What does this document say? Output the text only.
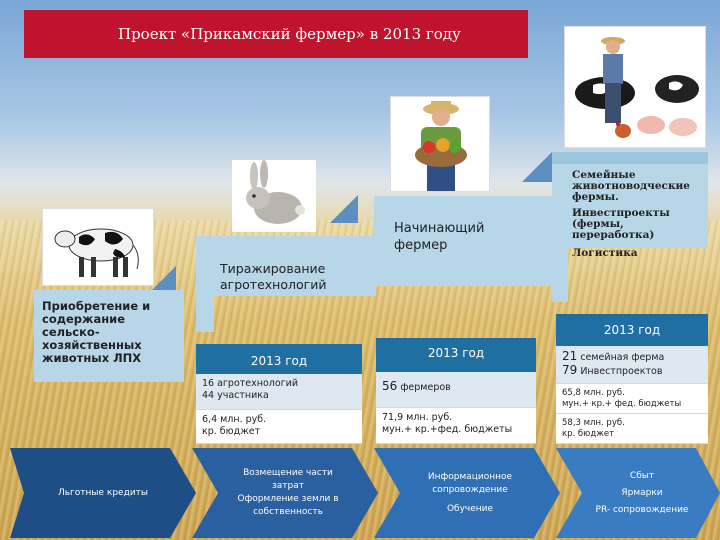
Проект «Прикамский фермер» в 2013 году
Приобретение и содержание сельско-хозяйственных животных ЛПХ
Тиражирование агротехнологий
Начинающий фермер
Семейные животноводческие фермы.
Инвестпроекты (фермы, переработка)
Логистика
2013 год
16 агротехнологий
44 участника
6,4 млн. руб.
кр. бюджет
2013 год
56 фермеров
71,9 млн. руб.
мун.+ кр.+фед. бюджеты
2013 год
21 семейная ферма
79 Инвестпроектов
65,8 млн. руб.
мун.+ кр.+ фед. бюджеты
58,3 млн. руб.
кр. бюджет
Льготные кредиты
Возмещение части затрат
Оформление земли в собственность
Информационное сопровождение
Обучение
Сбыт
Ярмарки
PR- сопровождение
